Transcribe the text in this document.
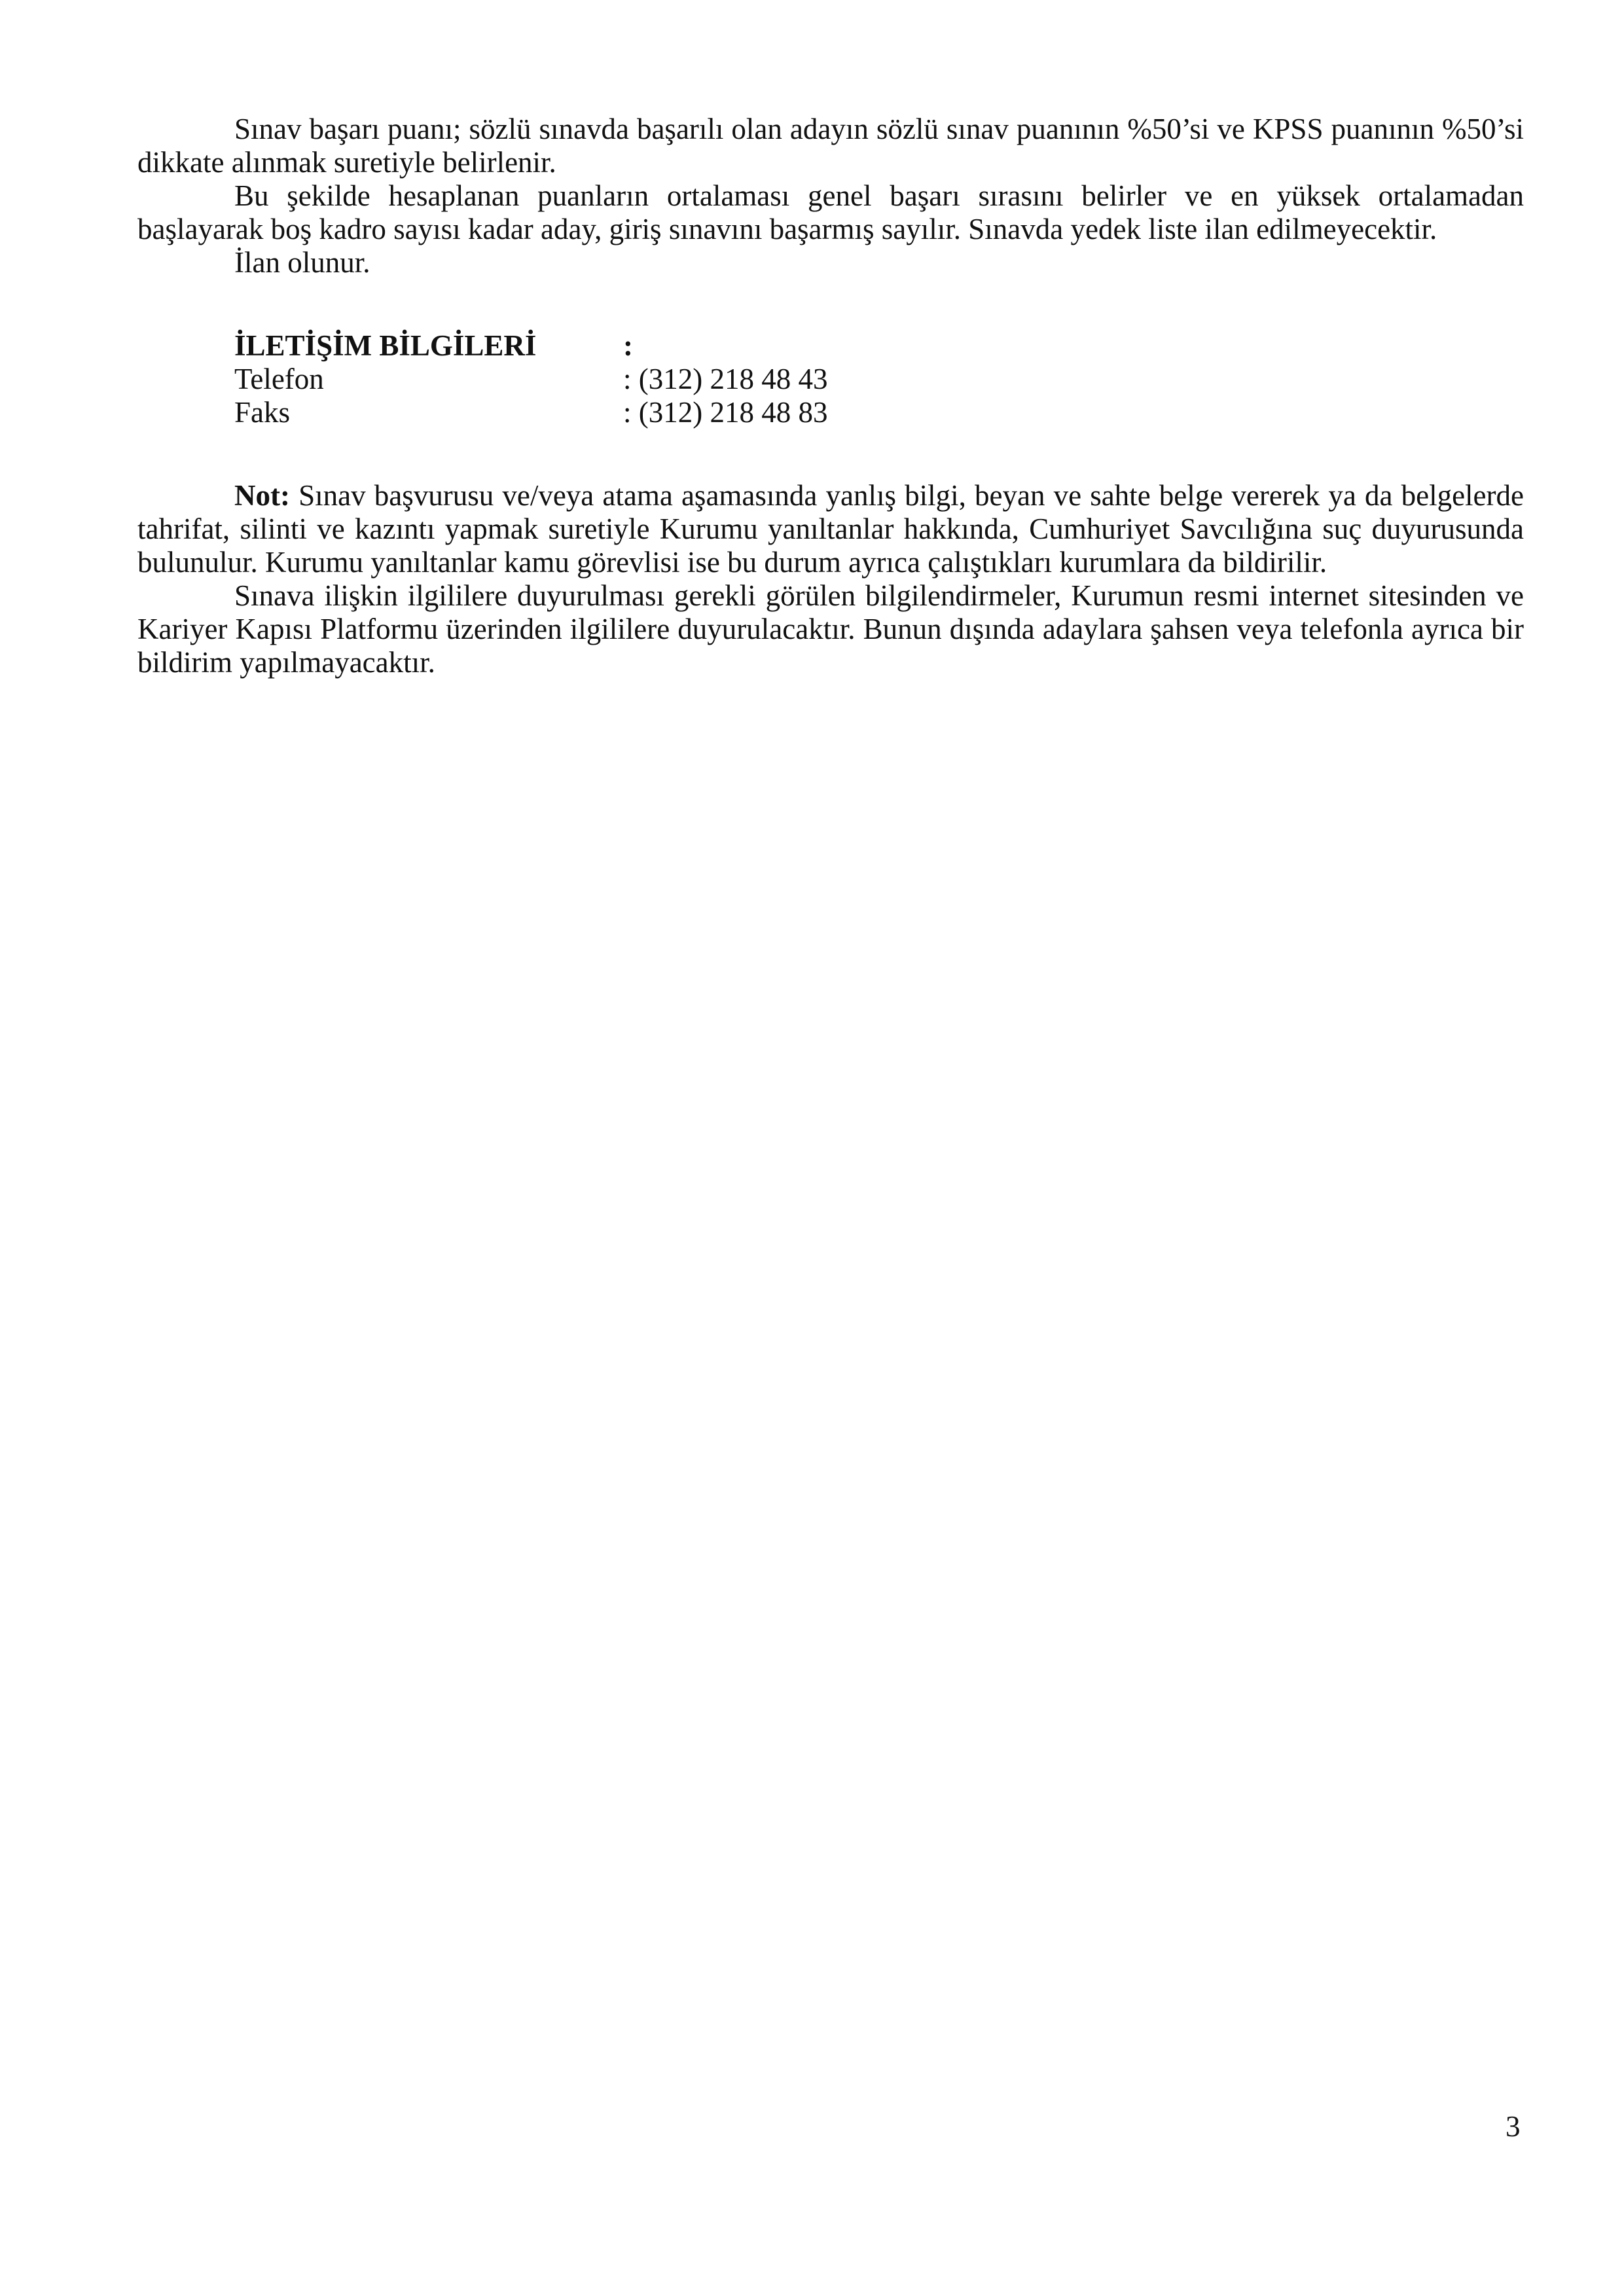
Sınav başarı puanı; sözlü sınavda başarılı olan adayın sözlü sınav puanının %50’si ve KPSS puanının %50’si dikkate alınmak suretiyle belirlenir.

Bu şekilde hesaplanan puanların ortalaması genel başarı sırasını belirler ve en yüksek ortalamadan başlayarak boş kadro sayısı kadar aday, giriş sınavını başarmış sayılır. Sınavda yedek liste ilan edilmeyecektir.

İlan olunur.

İLETİŞİM BİLGİLERİ	:
Telefon	: (312) 218 48 43
Faks	: (312) 218 48 83

Not: Sınav başvurusu ve/veya atama aşamasında yanlış bilgi, beyan ve sahte belge vererek ya da belgelerde tahrifat, silinti ve kazıntı yapmak suretiyle Kurumu yanıltanlar hakkında, Cumhuriyet Savcılığına suç duyurusunda bulunulur. Kurumu yanıltanlar kamu görevlisi ise bu durum ayrıca çalıştıkları kurumlara da bildirilir.

Sınava ilişkin ilgililere duyurulması gerekli görülen bilgilendirmeler, Kurumun resmi internet sitesinden ve Kariyer Kapısı Platformu üzerinden ilgililere duyurulacaktır. Bunun dışında adaylara şahsen veya telefonla ayrıca bir bildirim yapılmayacaktır.

3
